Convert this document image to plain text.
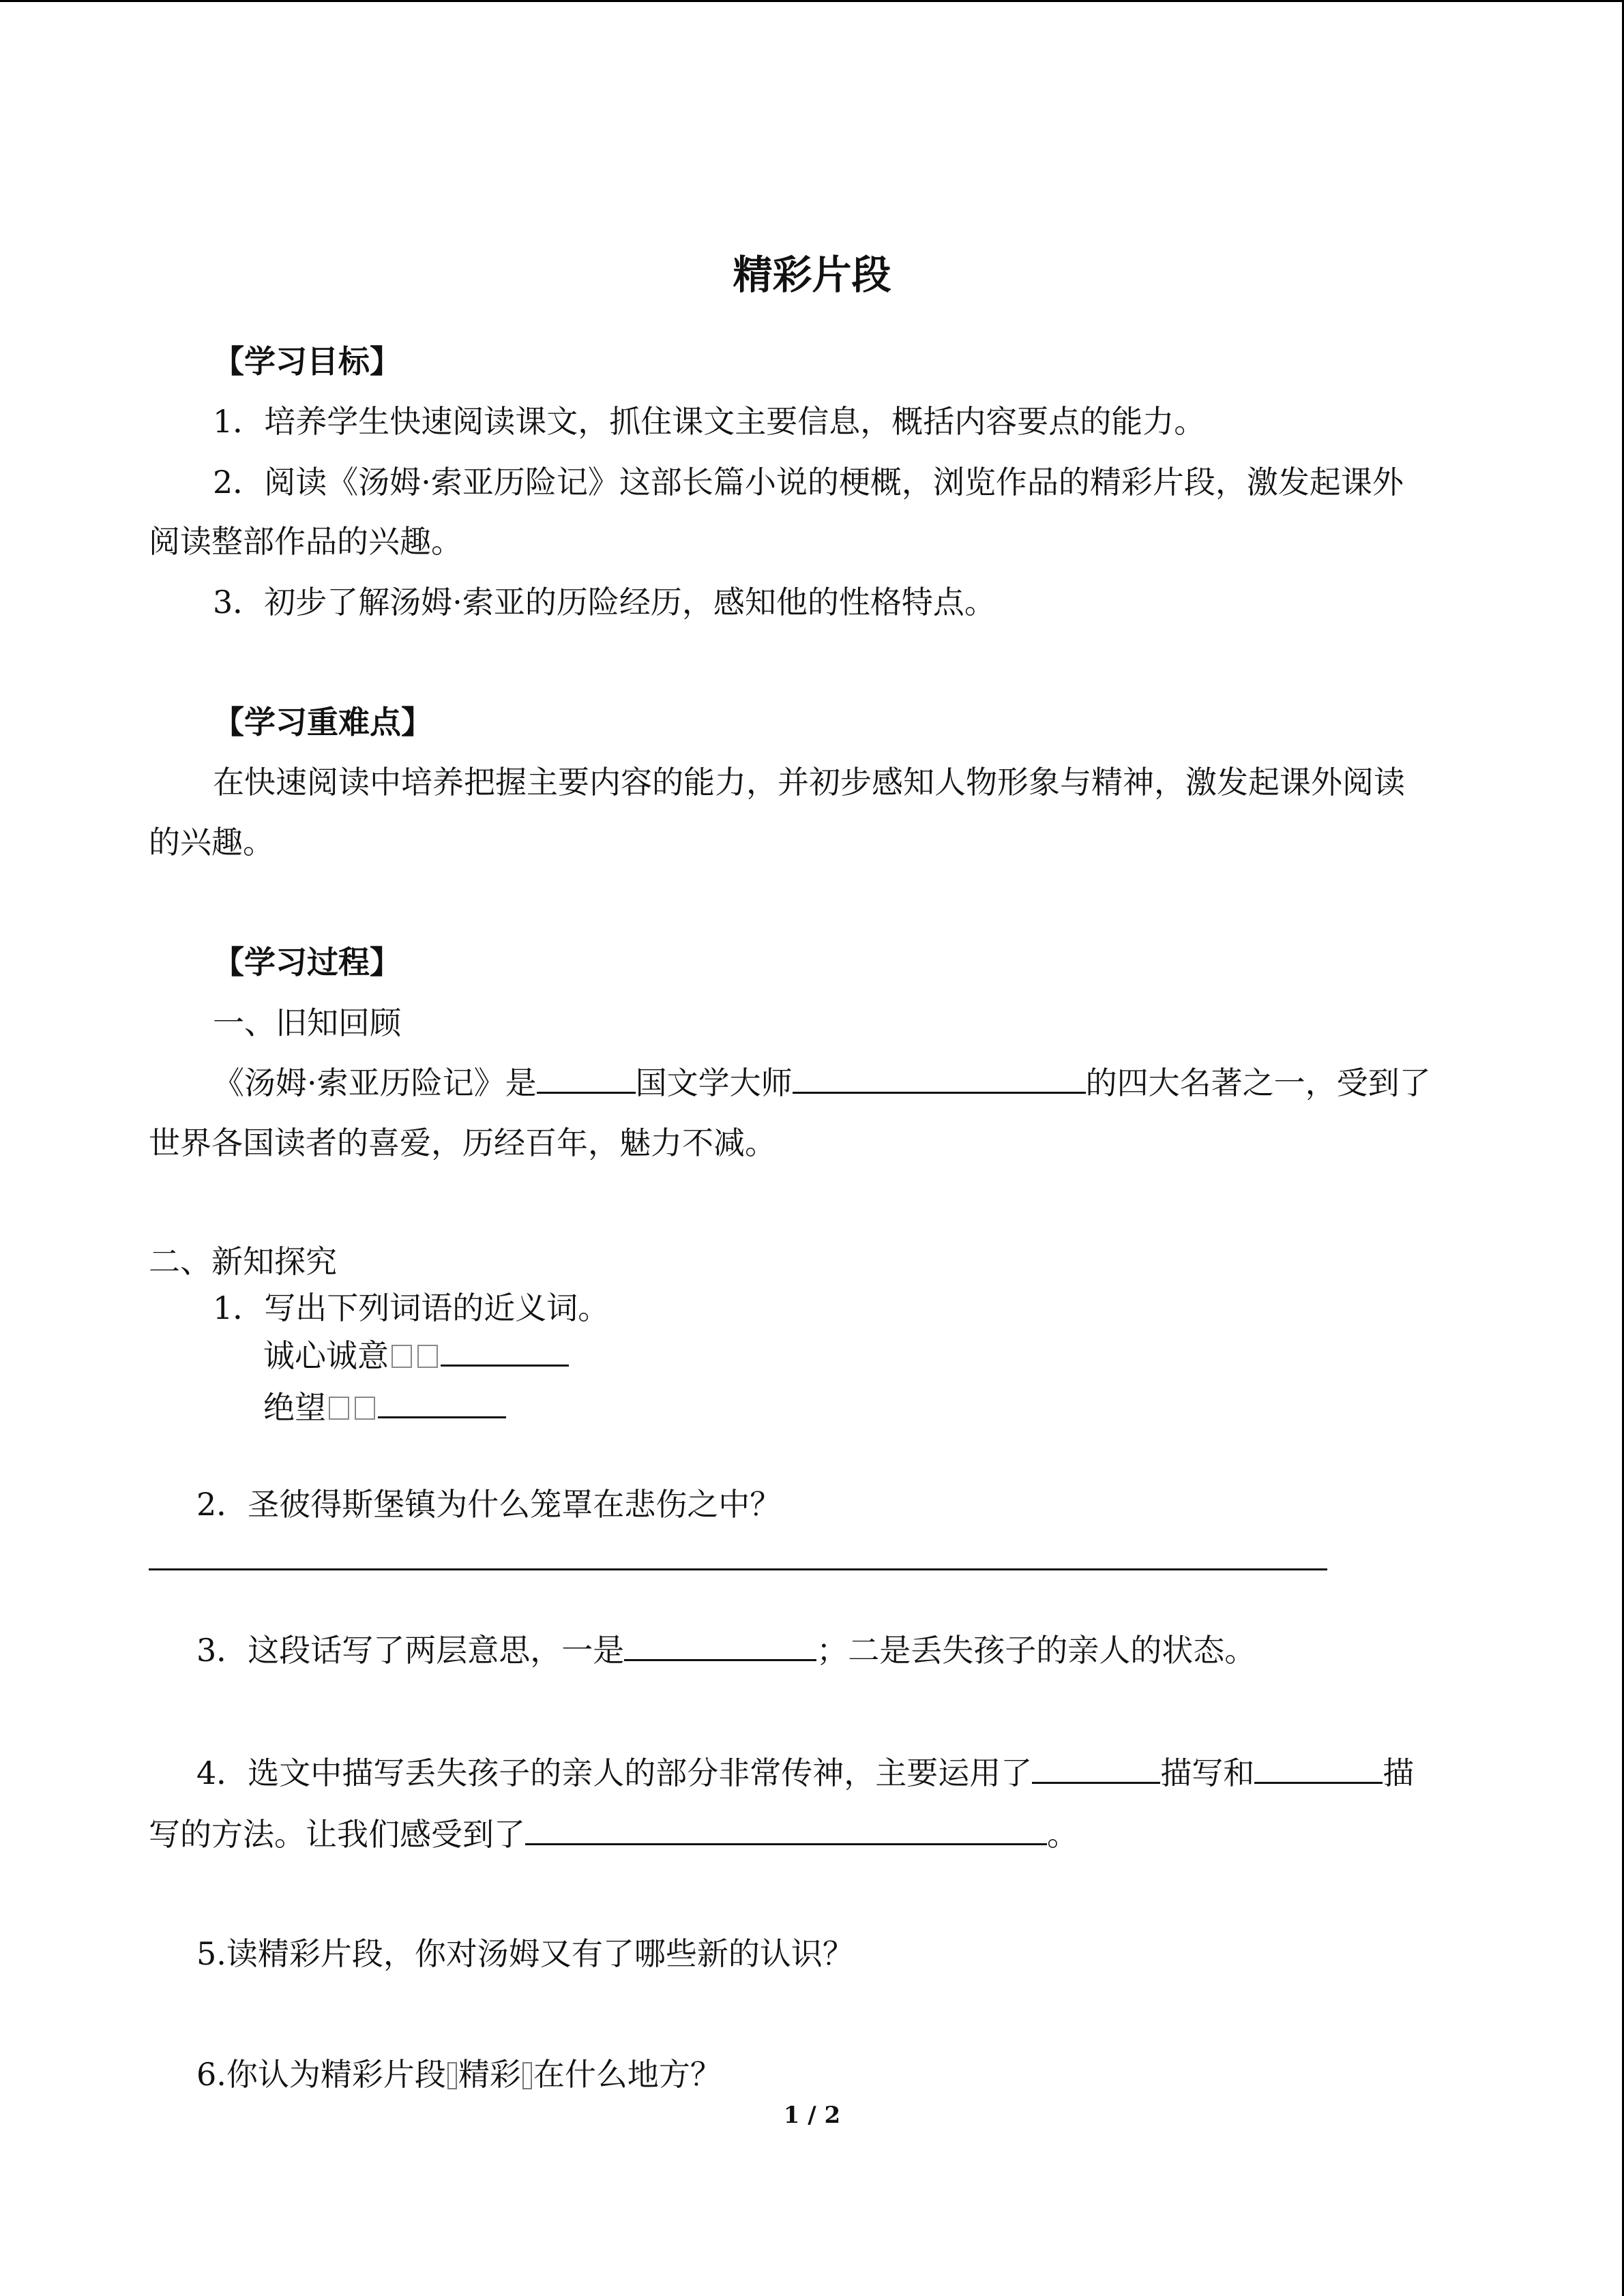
精彩片段
【学习目标】
1．培养学生快速阅读课文，抓住课文主要信息，概括内容要点的能力。
2．阅读《汤姆·索亚历险记》这部长篇小说的梗概，浏览作品的精彩片段，激发起课外
阅读整部作品的兴趣。
3．初步了解汤姆·索亚的历险经历，感知他的性格特点。
【学习重难点】
在快速阅读中培养把握主要内容的能力，并初步感知人物形象与精神，激发起课外阅读
的兴趣。
【学习过程】
一、旧知回顾
《汤姆·索亚历险记》是	国文学大师	的四大名著之一，受到了
世界各国读者的喜爱，历经百年，魅力不减。
二、新知探究
1．写出下列词语的近义词。
诚心诚意
绝望
2．圣彼得斯堡镇为什么笼罩在悲伤之中？
3．这段话写了两层意思，一是	；二是丢失孩子的亲人的状态。
4．选文中描写丢失孩子的亲人的部分非常传神，主要运用了	描写和	描
写的方法。让我们感受到了	。
5.读精彩片段，你对汤姆又有了哪些新的认识？
6.你认为精彩片段 精彩 在什么地方？
1 / 2
